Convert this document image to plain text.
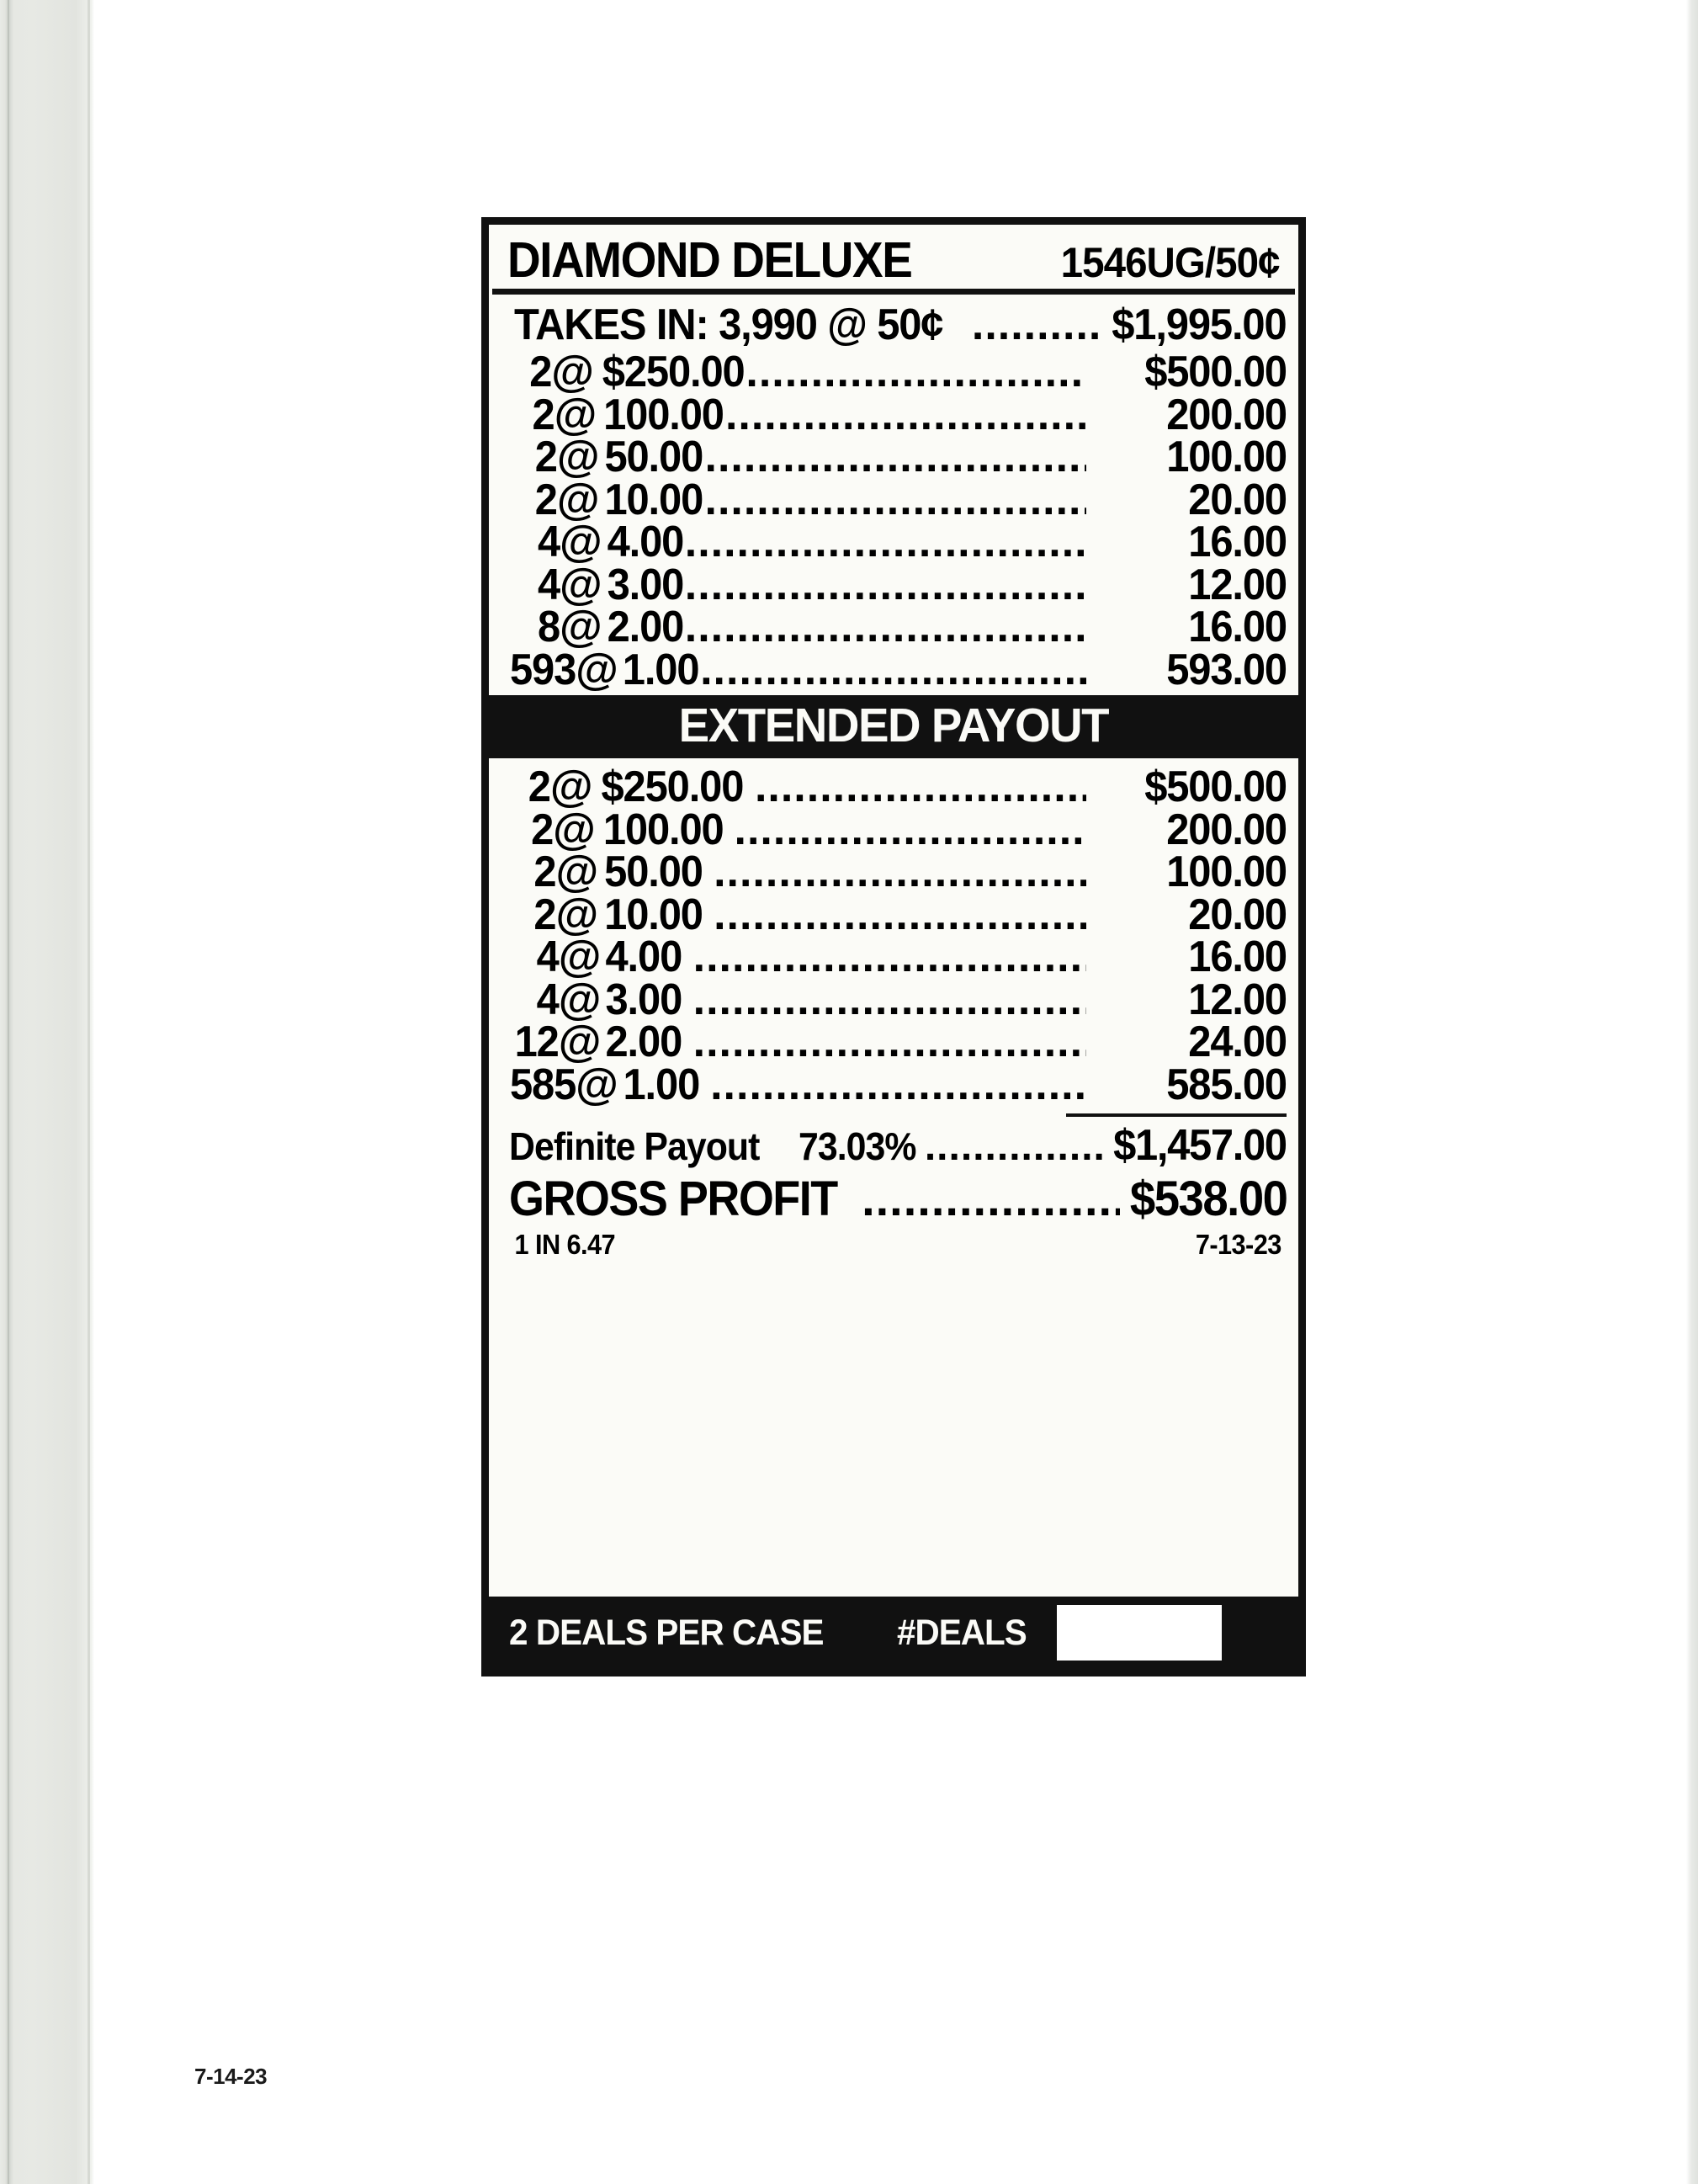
DIAMOND DELUXE	1546UG/50¢
TAKES IN: 3,990 @ 50¢ .....	$1,995.00
2 @ $250.00 .....	$500.00
2 @ 100.00 .....	200.00
2 @ 50.00 .....	100.00
2 @ 10.00 .....	20.00
4 @ 4.00 .....	16.00
4 @ 3.00 .....	12.00
8 @ 2.00 .....	16.00
593 @ 1.00 .....	593.00
EXTENDED PAYOUT
2 @ $250.00 .....	$500.00
2 @ 100.00 .....	200.00
2 @ 50.00 .....	100.00
2 @ 10.00 .....	20.00
4 @ 4.00 .....	16.00
4 @ 3.00 .....	12.00
12 @ 2.00 .....	24.00
585 @ 1.00 .....	585.00
Definite Payout 73.03% .....	$1,457.00
GROSS PROFIT .....	$538.00
1 IN 6.47	7-13-23
2 DEALS PER CASE #DEALS
7-14-23
